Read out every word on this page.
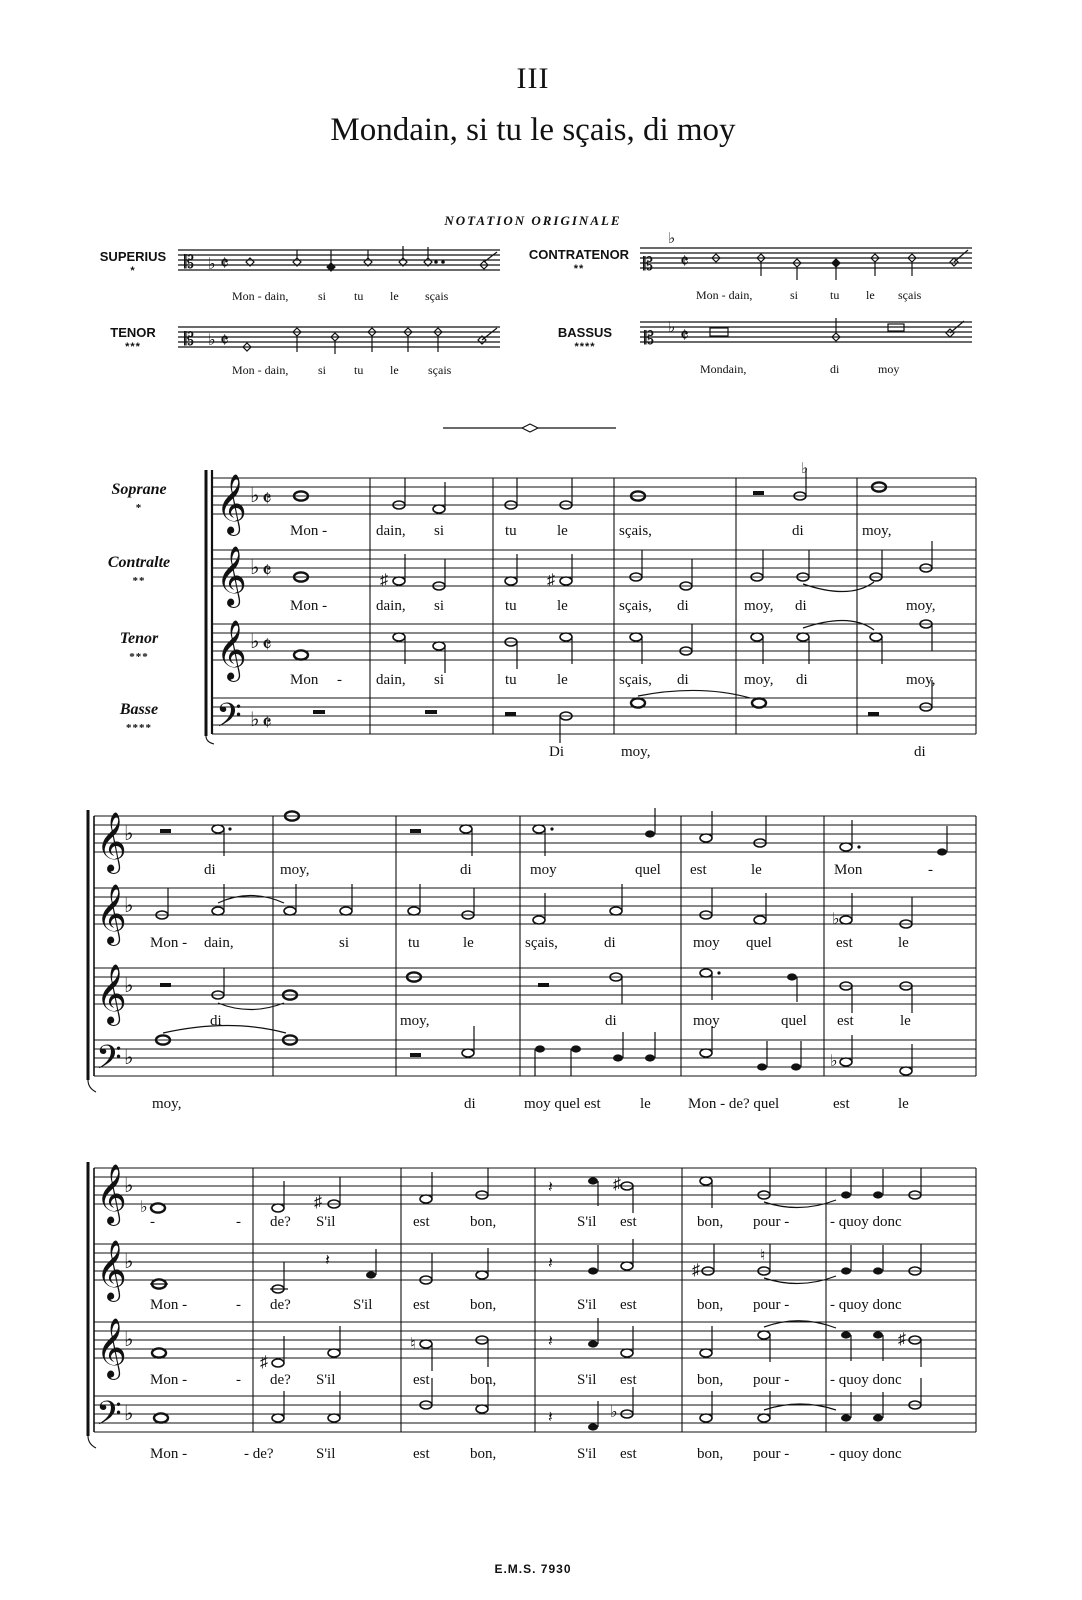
III
Mondain, si tu le sçais, di moy
NOTATION ORIGINALE
SUPERIUS
*
CONTRATENOR
**
TENOR
***
BASSUS
****
Mon - dain, si tu le sçais	Mon - dain,	si	tu le sçais
Mon - dain, si tu le sçais	Mondain,	di	moy
Soprane
*
Contralte
**
Tenor
***
Basse
****
𝄡 ♭ 𝄵	𝄡
♭
𝄵
𝄡 ♭ 𝄵	𝄡 ♭ 𝄵
𝄞
𝄞
𝄞
𝄢
♭ 𝄵
♭ 𝄵
♭ 𝄵
♭ 𝄵
♭
♯	♯
𝄞
𝄞
𝄞
𝄢
♭
♭
♭
♭
♭
♭
𝄞
𝄞
𝄞
𝄢
♭
♭
♭
♭
♭	♯
𝄽	♯
𝄽	𝄽	♯
♮
♯
♮	𝄽	♯
𝄽	♭
Mon -	dain, si	tu	le	sçais,	di	moy,
Mon -	dain, si	tu	le	sçais, di	moy, di	moy,
Mon - dain, si	tu	le	sçais, di	moy, di	moy,
Di	moy,	di
di	moy,	di	moy	quel est	le	Mon	-
Mon - dain,	si	tu	le	sçais,	di	moy quel	est	le
di	moy,	di	moy	quel est	le
moy,	di	moy quel est	le Mon - de? quel	est	le
-	- de? S'il	est	bon,	S'il est	bon, pour -	- quoy donc
Mon -	- de?	S'il	est	bon,	S'il est	bon, pour -	- quoy donc
Mon -	- de? S'il	est	bon,	S'il est	bon, pour -	- quoy donc
Mon -	- de?	S'il	est	bon,	S'il est	bon, pour -	- quoy donc
E.M.S. 7930
